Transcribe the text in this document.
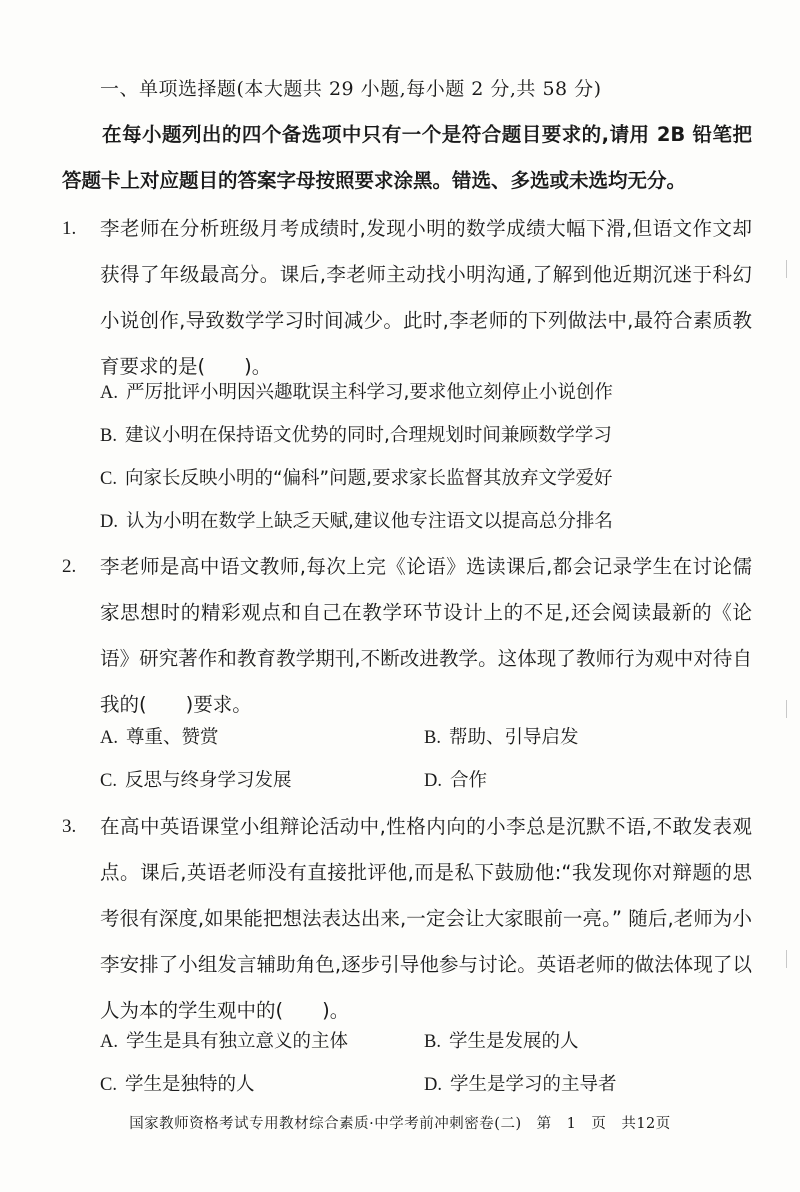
一、单项选择题(本大题共 29 小题,每小题 2 分,共 58 分)

在每小题列出的四个备选项中只有一个是符合题目要求的,请用 2B 铅笔把答题卡上对应题目的答案字母按照要求涂黑。错选、多选或未选均无分。

1. 李老师在分析班级月考成绩时,发现小明的数学成绩大幅下滑,但语文作文却获得了年级最高分。课后,李老师主动找小明沟通,了解到他近期沉迷于科幻小说创作,导致数学学习时间减少。此时,李老师的下列做法中,最符合素质教育要求的是(　　)。

A. 严厉批评小明因兴趣耽误主科学习,要求他立刻停止小说创作
B. 建议小明在保持语文优势的同时,合理规划时间兼顾数学学习
C. 向家长反映小明的“偏科”问题,要求家长监督其放弃文学爱好
D. 认为小明在数学上缺乏天赋,建议他专注语文以提高总分排名
2. 李老师是高中语文教师,每次上完《论语》选读课后,都会记录学生在讨论儒家思想时的精彩观点和自己在教学环节设计上的不足,还会阅读最新的《论语》研究著作和教育教学期刊,不断改进教学。这体现了教师行为观中对待自我的(　　)要求。

A. 尊重、赞赏	B. 帮助、引导启发
C. 反思与终身学习发展	D. 合作
3. 在高中英语课堂小组辩论活动中,性格内向的小李总是沉默不语,不敢发表观点。课后,英语老师没有直接批评他,而是私下鼓励他:“我发现你对辩题的思考很有深度,如果能把想法表达出来,一定会让大家眼前一亮。” 随后,老师为小李安排了小组发言辅助角色,逐步引导他参与讨论。英语老师的做法体现了以人为本的学生观中的(　　)。

A. 学生是具有独立意义的主体	B. 学生是发展的人
C. 学生是独特的人	D. 学生是学习的主导者
国家教师资格考试专用教材综合素质·中学考前冲刺密卷(二)　第　1　页　共12页
